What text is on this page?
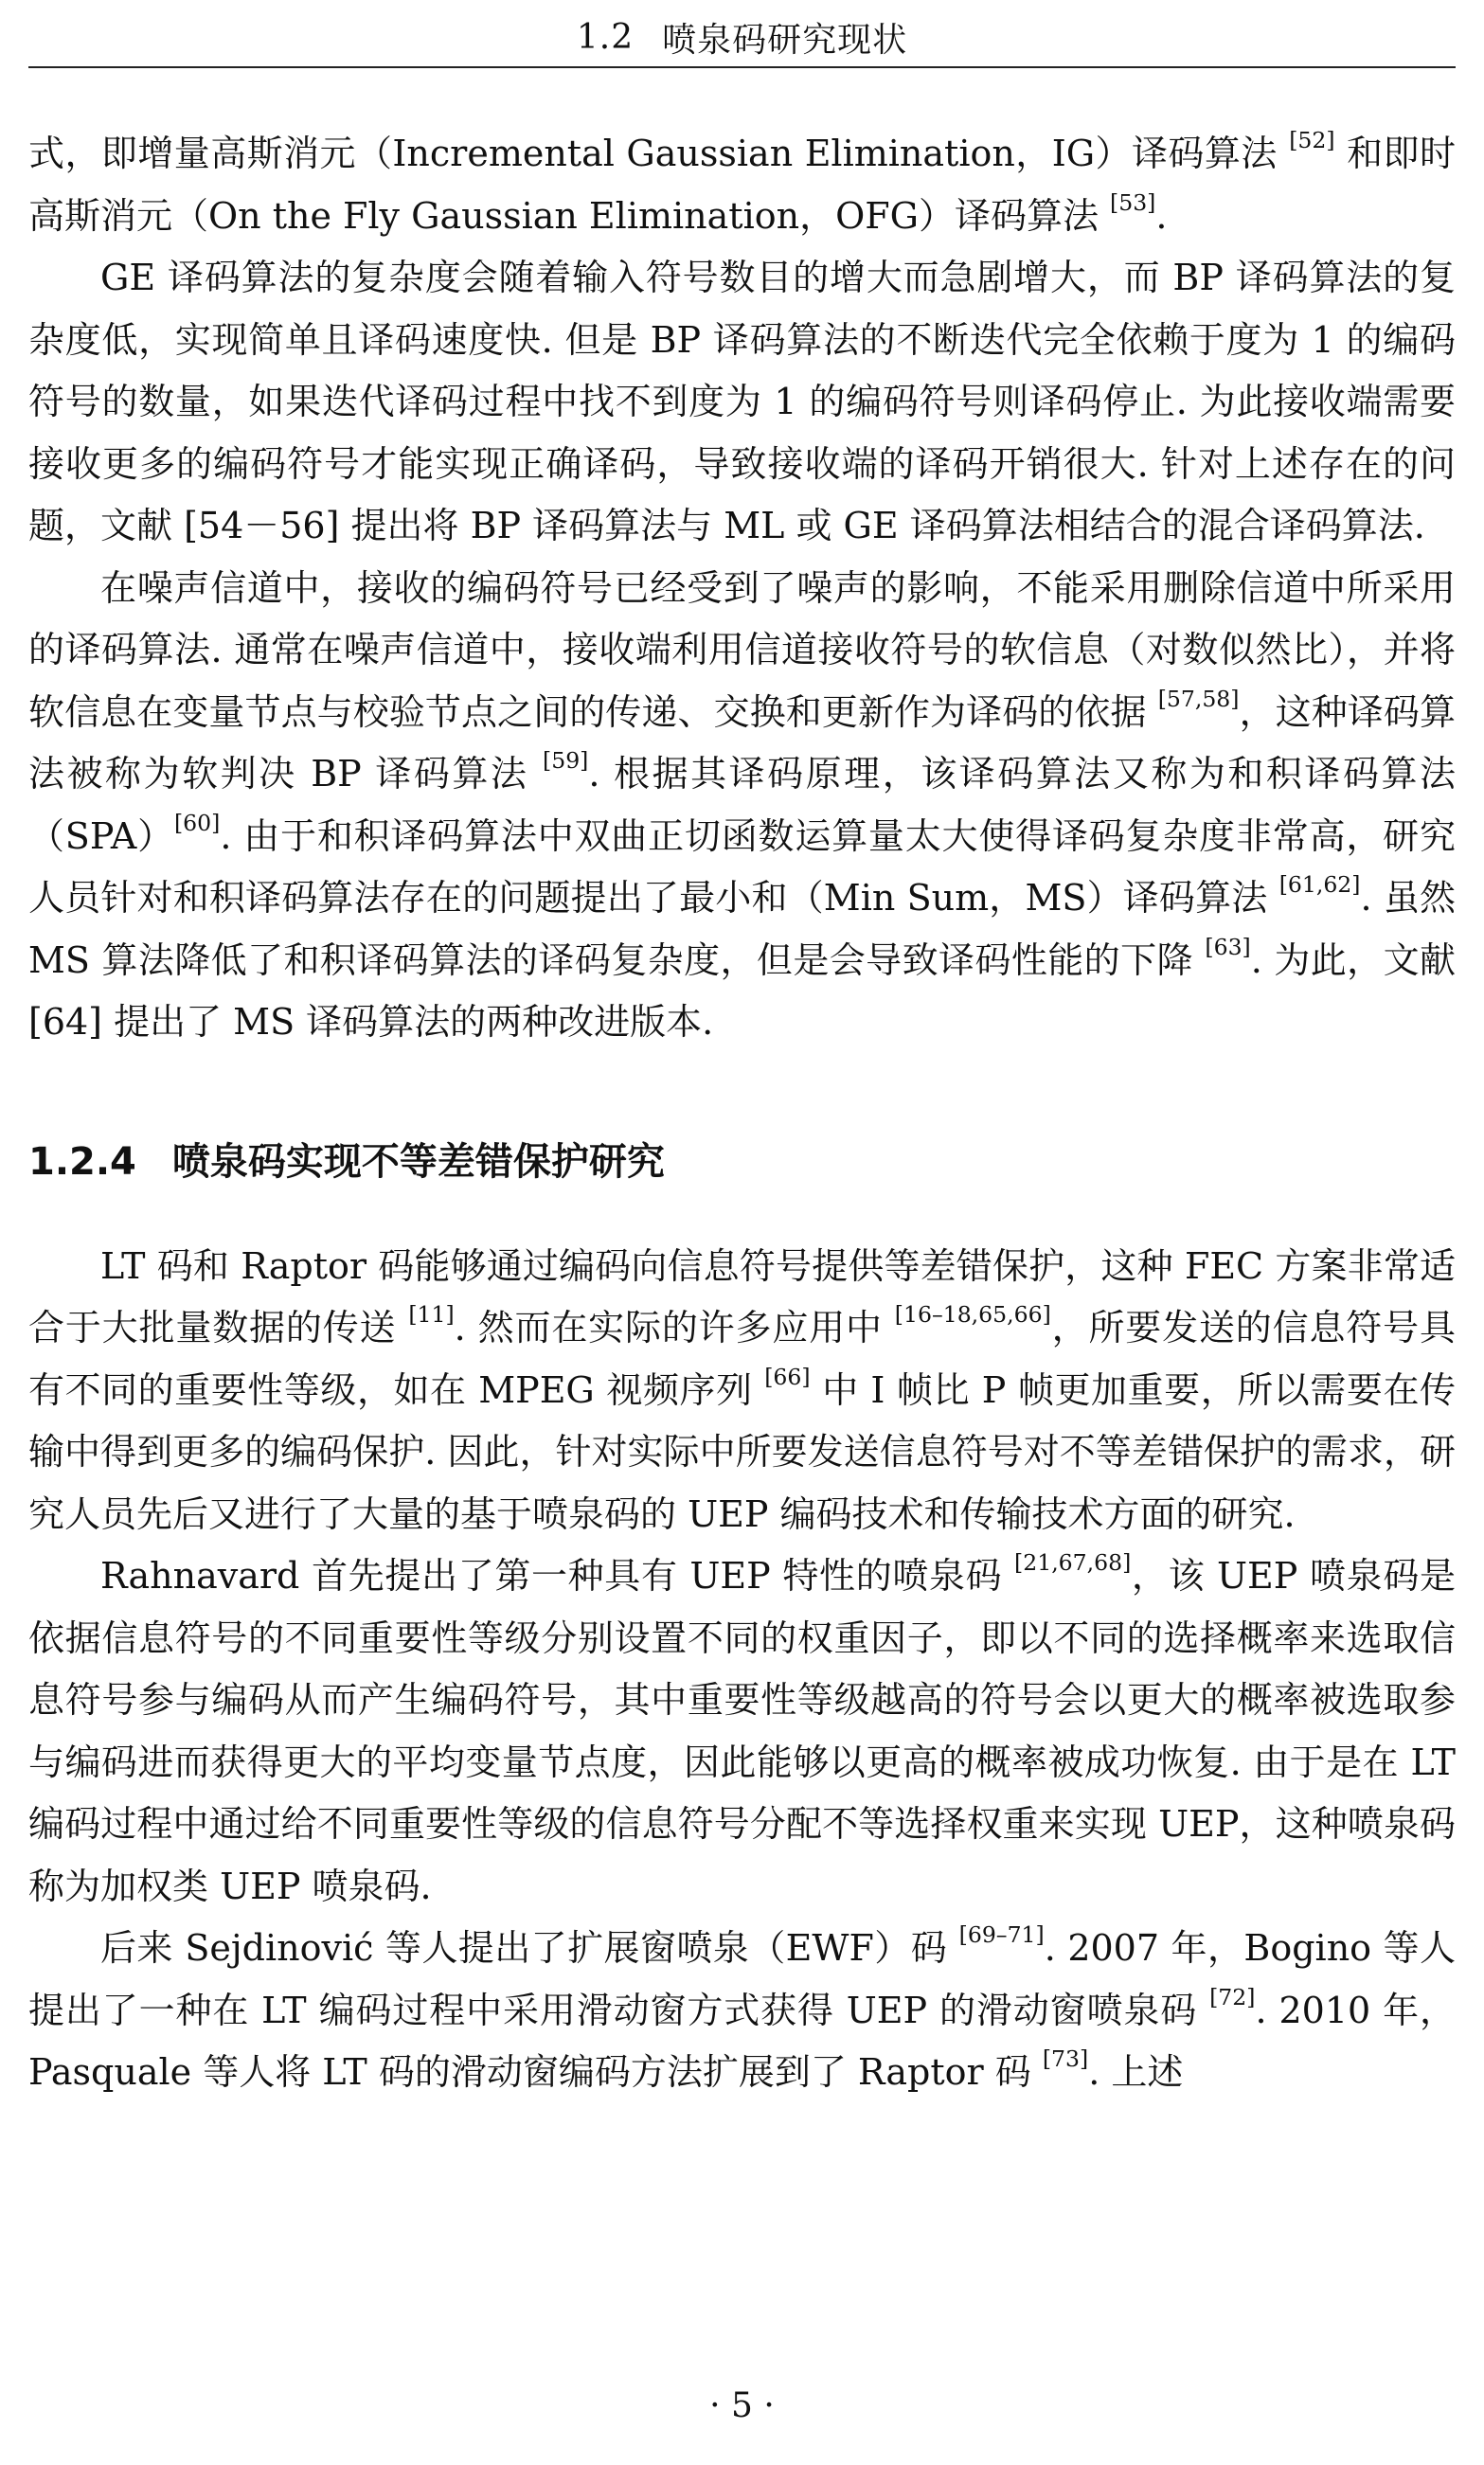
1.2 喷泉码研究现状

式，即增量高斯消元（Incremental Gaussian Elimination，IG）译码算法 [52] 和即时高斯消元（On the Fly Gaussian Elimination，OFG）译码算法 [53].

GE 译码算法的复杂度会随着输入符号数目的增大而急剧增大，而 BP 译码算法的复杂度低，实现简单且译码速度快. 但是 BP 译码算法的不断迭代完全依赖于度为 1 的编码符号的数量，如果迭代译码过程中找不到度为 1 的编码符号则译码停止. 为此接收端需要接收更多的编码符号才能实现正确译码，导致接收端的译码开销很大. 针对上述存在的问题，文献 [54－56] 提出将 BP 译码算法与 ML 或 GE 译码算法相结合的混合译码算法.

在噪声信道中，接收的编码符号已经受到了噪声的影响，不能采用删除信道中所采用的译码算法. 通常在噪声信道中，接收端利用信道接收符号的软信息（对数似然比），并将软信息在变量节点与校验节点之间的传递、交换和更新作为译码的依据 [57,58]，这种译码算法被称为软判决 BP 译码算法 [59]. 根据其译码原理，该译码算法又称为和积译码算法（SPA）[60]. 由于和积译码算法中双曲正切函数运算量太大使得译码复杂度非常高，研究人员针对和积译码算法存在的问题提出了最小和（Min Sum，MS）译码算法 [61,62]. 虽然 MS 算法降低了和积译码算法的译码复杂度，但是会导致译码性能的下降 [63]. 为此，文献 [64] 提出了 MS 译码算法的两种改进版本.

1.2.4 喷泉码实现不等差错保护研究

LT 码和 Raptor 码能够通过编码向信息符号提供等差错保护，这种 FEC 方案非常适合于大批量数据的传送 [11]. 然而在实际的许多应用中 [16–18,65,66]，所要发送的信息符号具有不同的重要性等级，如在 MPEG 视频序列 [66] 中 I 帧比 P 帧更加重要，所以需要在传输中得到更多的编码保护. 因此，针对实际中所要发送信息符号对不等差错保护的需求，研究人员先后又进行了大量的基于喷泉码的 UEP 编码技术和传输技术方面的研究.

Rahnavard 首先提出了第一种具有 UEP 特性的喷泉码 [21,67,68]，该 UEP 喷泉码是依据信息符号的不同重要性等级分别设置不同的权重因子，即以不同的选择概率来选取信息符号参与编码从而产生编码符号，其中重要性等级越高的符号会以更大的概率被选取参与编码进而获得更大的平均变量节点度，因此能够以更高的概率被成功恢复. 由于是在 LT 编码过程中通过给不同重要性等级的信息符号分配不等选择权重来实现 UEP，这种喷泉码称为加权类 UEP 喷泉码.

后来 Sejdinović 等人提出了扩展窗喷泉（EWF）码 [69–71]. 2007 年，Bogino 等人提出了一种在 LT 编码过程中采用滑动窗方式获得 UEP 的滑动窗喷泉码 [72]. 2010 年，Pasquale 等人将 LT 码的滑动窗编码方法扩展到了 Raptor 码 [73]. 上述

· 5 ·
